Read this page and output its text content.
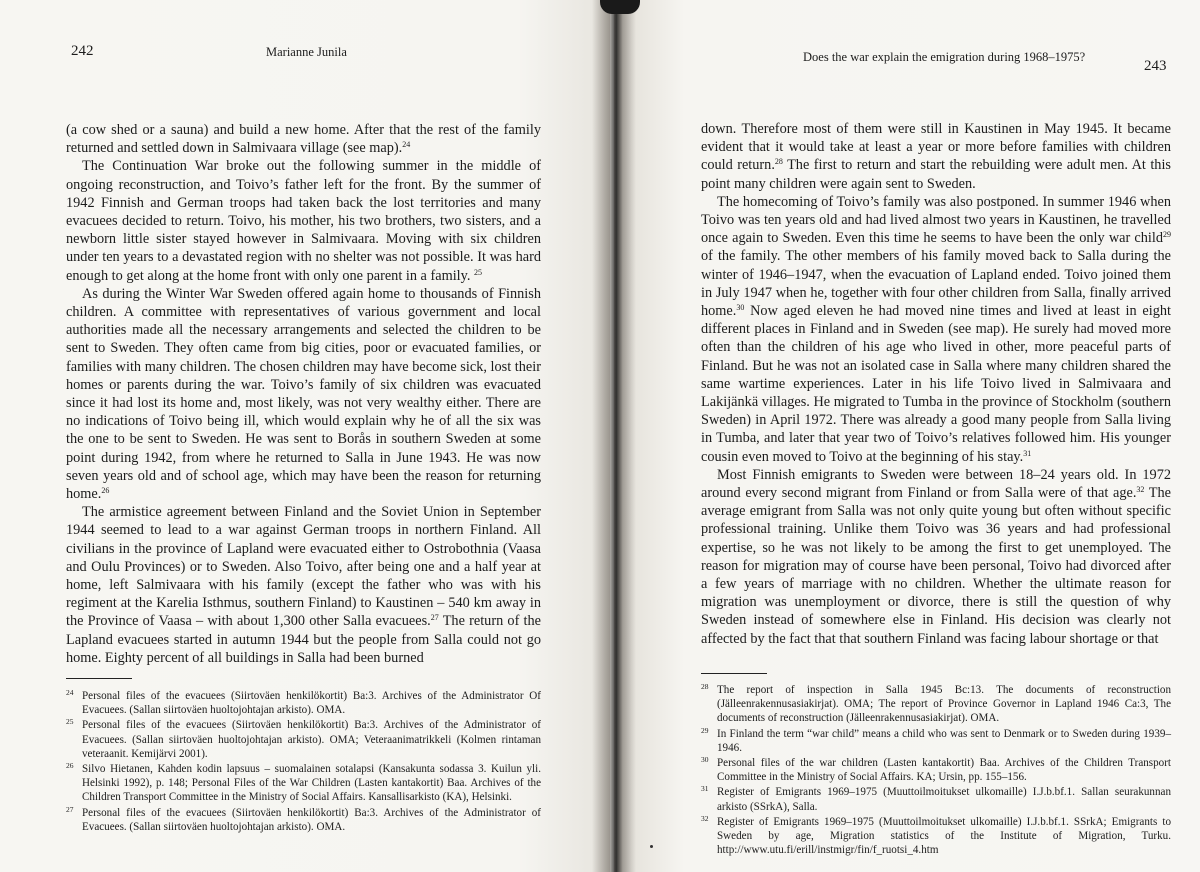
242	Marianne Junila

(a cow shed or a sauna) and build a new home. After that the rest of the family returned and settled down in Salmivaara village (see map).$^{24}$

The Continuation War broke out the following summer in the middle of ongoing reconstruction, and Toivo’s father left for the front. By the summer of 1942 Finnish and German troops had taken back the lost territories and many evacuees decided to return. Toivo, his mother, his two brothers, two sisters, and a newborn little sister stayed however in Salmivaara. Moving with six children under ten years to a devastated region with no shelter was not possible. It was hard enough to get along at the home front with only one parent in a family. $^{25}$

As during the Winter War Sweden offered again home to thousands of Finnish children. A committee with representatives of various government and local authorities made all the necessary arrangements and selected the children to be sent to Sweden. They often came from big cities, poor or evacuated families, or families with many children. The chosen children may have become sick, lost their homes or parents during the war. Toivo’s family of six children was evacuated since it had lost its home and, most likely, was not very wealthy either. There are no indications of Toivo being ill, which would explain why he of all the six was the one to be sent to Sweden. He was sent to Borås in southern Sweden at some point during 1942, from where he returned to Salla in June 1943. He was now seven years old and of school age, which may have been the reason for returning home.$^{26}$

The armistice agreement between Finland and the Soviet Union in September 1944 seemed to lead to a war against German troops in northern Finland. All civilians in the province of Lapland were evacuated either to Ostrobothnia (Vaasa and Oulu Provinces) or to Sweden. Also Toivo, after being one and a half year at home, left Salmivaara with his family (except the father who was with his regiment at the Karelia Isthmus, southern Finland) to Kaustinen – 540 km away in the Province of Vaasa – with about 1,300 other Salla evacuees.$^{27}$ The return of the Lapland evacuees started in autumn 1944 but the people from Salla could not go home. Eighty percent of all buildings in Salla had been burned

24 Personal files of the evacuees (Siirtoväen henkilökortit) Ba:3. Archives of the Administrator Of Evacuees. (Sallan siirtoväen huoltojohtajan arkisto). OMA.
25 Personal files of the evacuees (Siirtoväen henkilökortit) Ba:3. Archives of the Administrator of Evacuees. (Sallan siirtoväen huoltojohtajan arkisto). OMA; Veteraanimatrikkeli (Kolmen rintaman veteraanit. Kemijärvi 2001).
26 Silvo Hietanen, Kahden kodin lapsuus – suomalainen sotalapsi (Kansakunta sodassa 3. Kuilun yli. Helsinki 1992), p. 148; Personal Files of the War Children (Lasten kantakortit) Baa. Archives of the Children Transport Committee in the Ministry of Social Affairs. Kansallisarkisto (KA), Helsinki.
27 Personal files of the evacuees (Siirtoväen henkilökortit) Ba:3. Archives of the Administrator of Evacuees. (Sallan siirtoväen huoltojohtajan arkisto). OMA.
Does the war explain the emigration during 1968–1975?
243

down. Therefore most of them were still in Kaustinen in May 1945. It became evident that it would take at least a year or more before families with children could return.$^{28}$ The first to return and start the rebuilding were adult men. At this point many children were again sent to Sweden.

The homecoming of Toivo’s family was also postponed. In summer 1946 when Toivo was ten years old and had lived almost two years in Kaustinen, he travelled once again to Sweden. Even this time he seems to have been the only war child$^{29}$ of the family. The other members of his family moved back to Salla during the winter of 1946–1947, when the evacuation of Lapland ended. Toivo joined them in July 1947 when he, together with four other children from Salla, finally arrived home.$^{30}$ Now aged eleven he had moved nine times and lived at least in eight different places in Finland and in Sweden (see map). He surely had moved more often than the children of his age who lived in other, more peaceful parts of Finland. But he was not an isolated case in Salla where many children shared the same wartime experiences. Later in his life Toivo lived in Salmivaara and Lakijänkä villages. He migrated to Tumba in the province of Stockholm (southern Sweden) in April 1972. There was already a good many people from Salla living in Tumba, and later that year two of Toivo’s relatives followed him. His younger cousin even moved to Toivo at the beginning of his stay.$^{31}$

Most Finnish emigrants to Sweden were between 18–24 years old. In 1972 around every second migrant from Finland or from Salla were of that age.$^{32}$ The average emigrant from Salla was not only quite young but often without specific professional training. Unlike them Toivo was 36 years and had professional expertise, so he was not likely to be among the first to get unemployed. The reason for migration may of course have been personal, Toivo had divorced after a few years of marriage with no children. Whether the ultimate reason for migration was unemployment or divorce, there is still the question of why Sweden instead of somewhere else in Finland. His decision was clearly not affected by the fact that that southern Finland was facing labour shortage or that

28 The report of inspection in Salla 1945 Bc:13. The documents of reconstruction (Jälleenrakennusasiakirjat). OMA; The report of Province Governor in Lapland 1946 Ca:3, The documents of reconstruction (Jälleenrakennusasiakirjat). OMA.
29 In Finland the term “war child” means a child who was sent to Denmark or to Sweden during 1939–1946.
30 Personal files of the war children (Lasten kantakortit) Baa. Archives of the Children Transport Committee in the Ministry of Social Affairs. KA; Ursin, pp. 155–156.
31 Register of Emigrants 1969–1975 (Muuttoilmoitukset ulkomaille) I.J.b.bf.1. Sallan seurakunnan arkisto (SSrkA), Salla.
32 Register of Emigrants 1969–1975 (Muuttoilmoitukset ulkomaille) I.J.b.bf.1. SSrkA; Emigrants to Sweden by age, Migration statistics of the Institute of Migration, Turku. http://www.utu.fi/erill/instmigr/fin/f_ruotsi_4.htm
